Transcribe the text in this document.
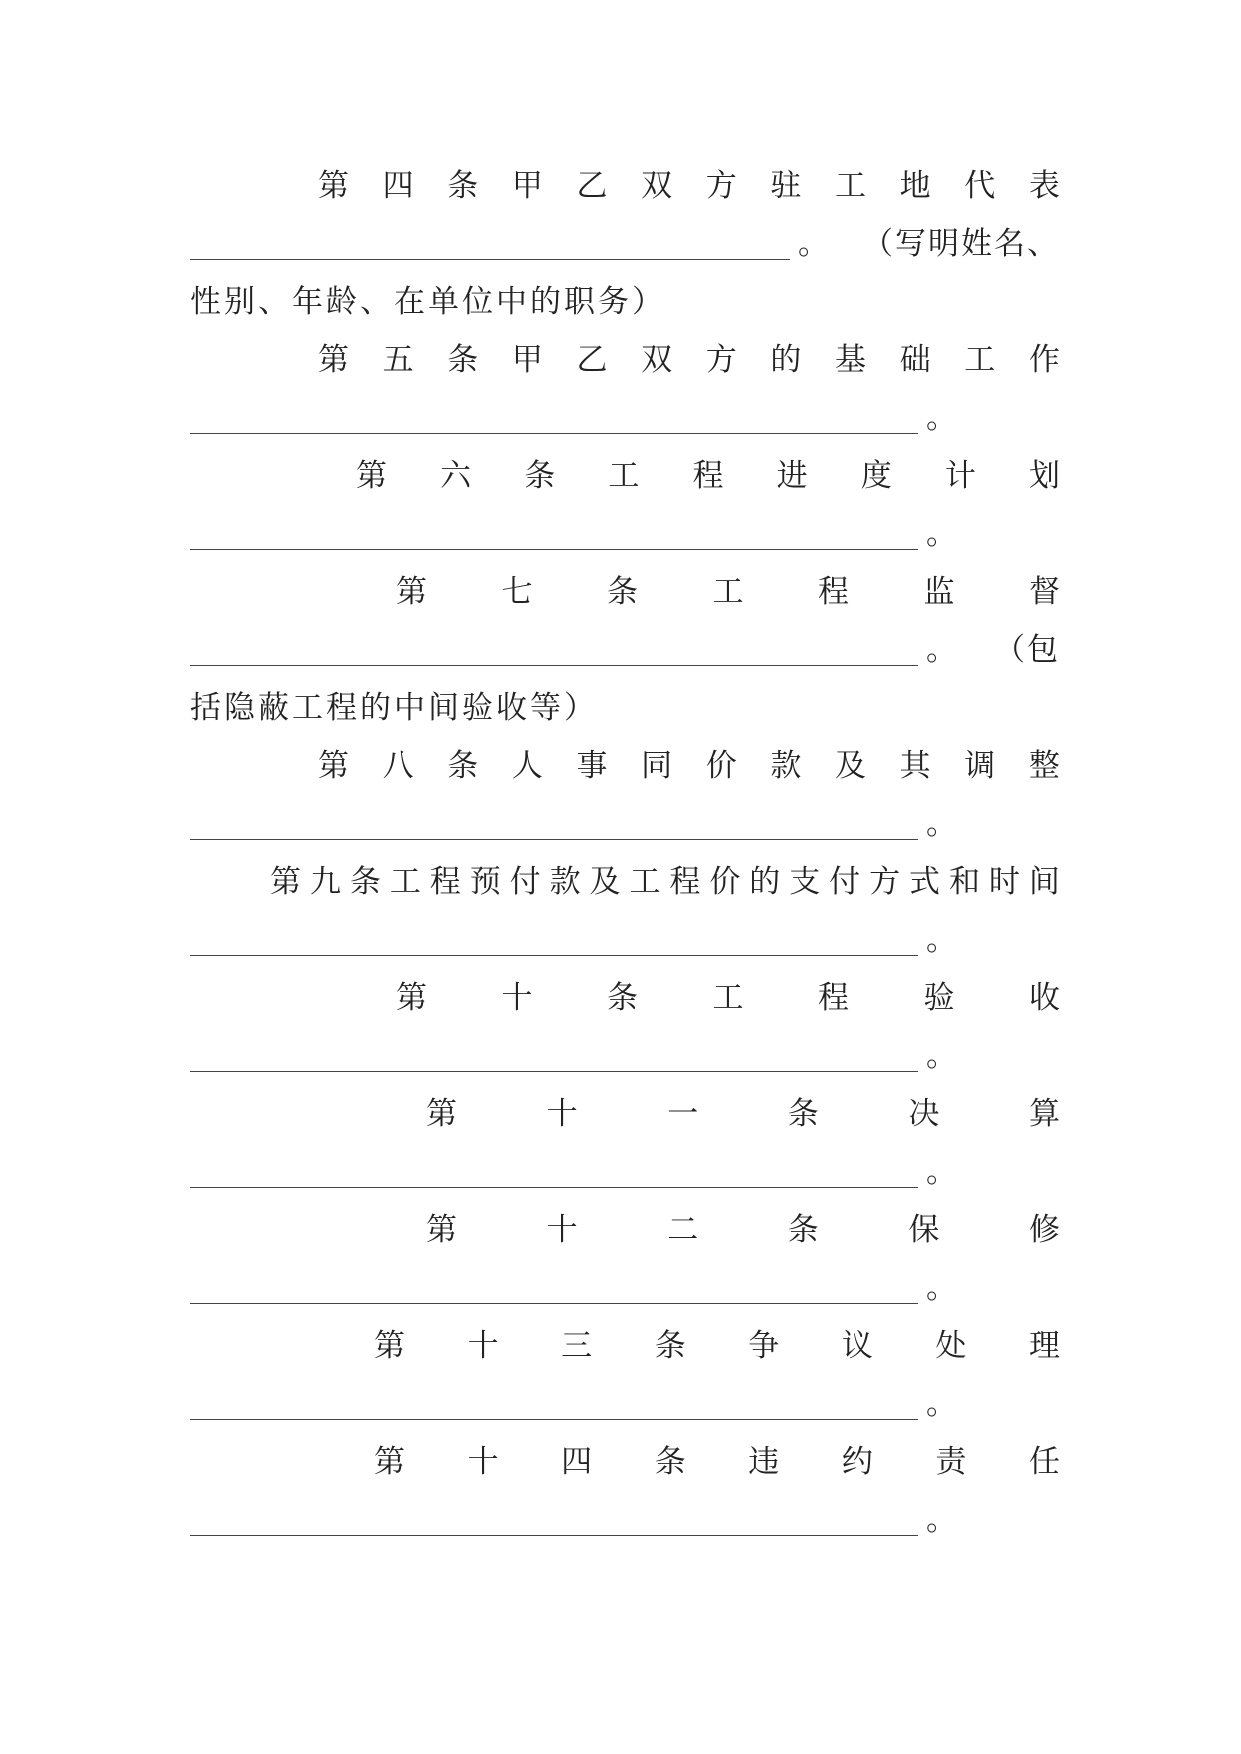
第 四 条 甲 乙 双 方 驻 工 地 代 表
。 （写明姓名、
性别、年龄、在单位中的职务）
第 五 条 甲 乙 双 方 的 基 础 工 作
。
第 六 条 工 程 进 度 计 划
。
第 七 条 工 程 监 督
。 （包
括隐蔽工程的中间验收等）
第 八 条 人 事 同 价 款 及 其 调 整
。
第 九 条 工 程 预 付 款 及 工 程 价 的 支 付 方 式 和 时 间
。
第 十 条 工 程 验 收
。
第	十	一	条	决	算
。
第	十	二	条	保	修
。
第 十 三 条 争 议 处 理
。
第 十 四 条 违 约 责 任
。
